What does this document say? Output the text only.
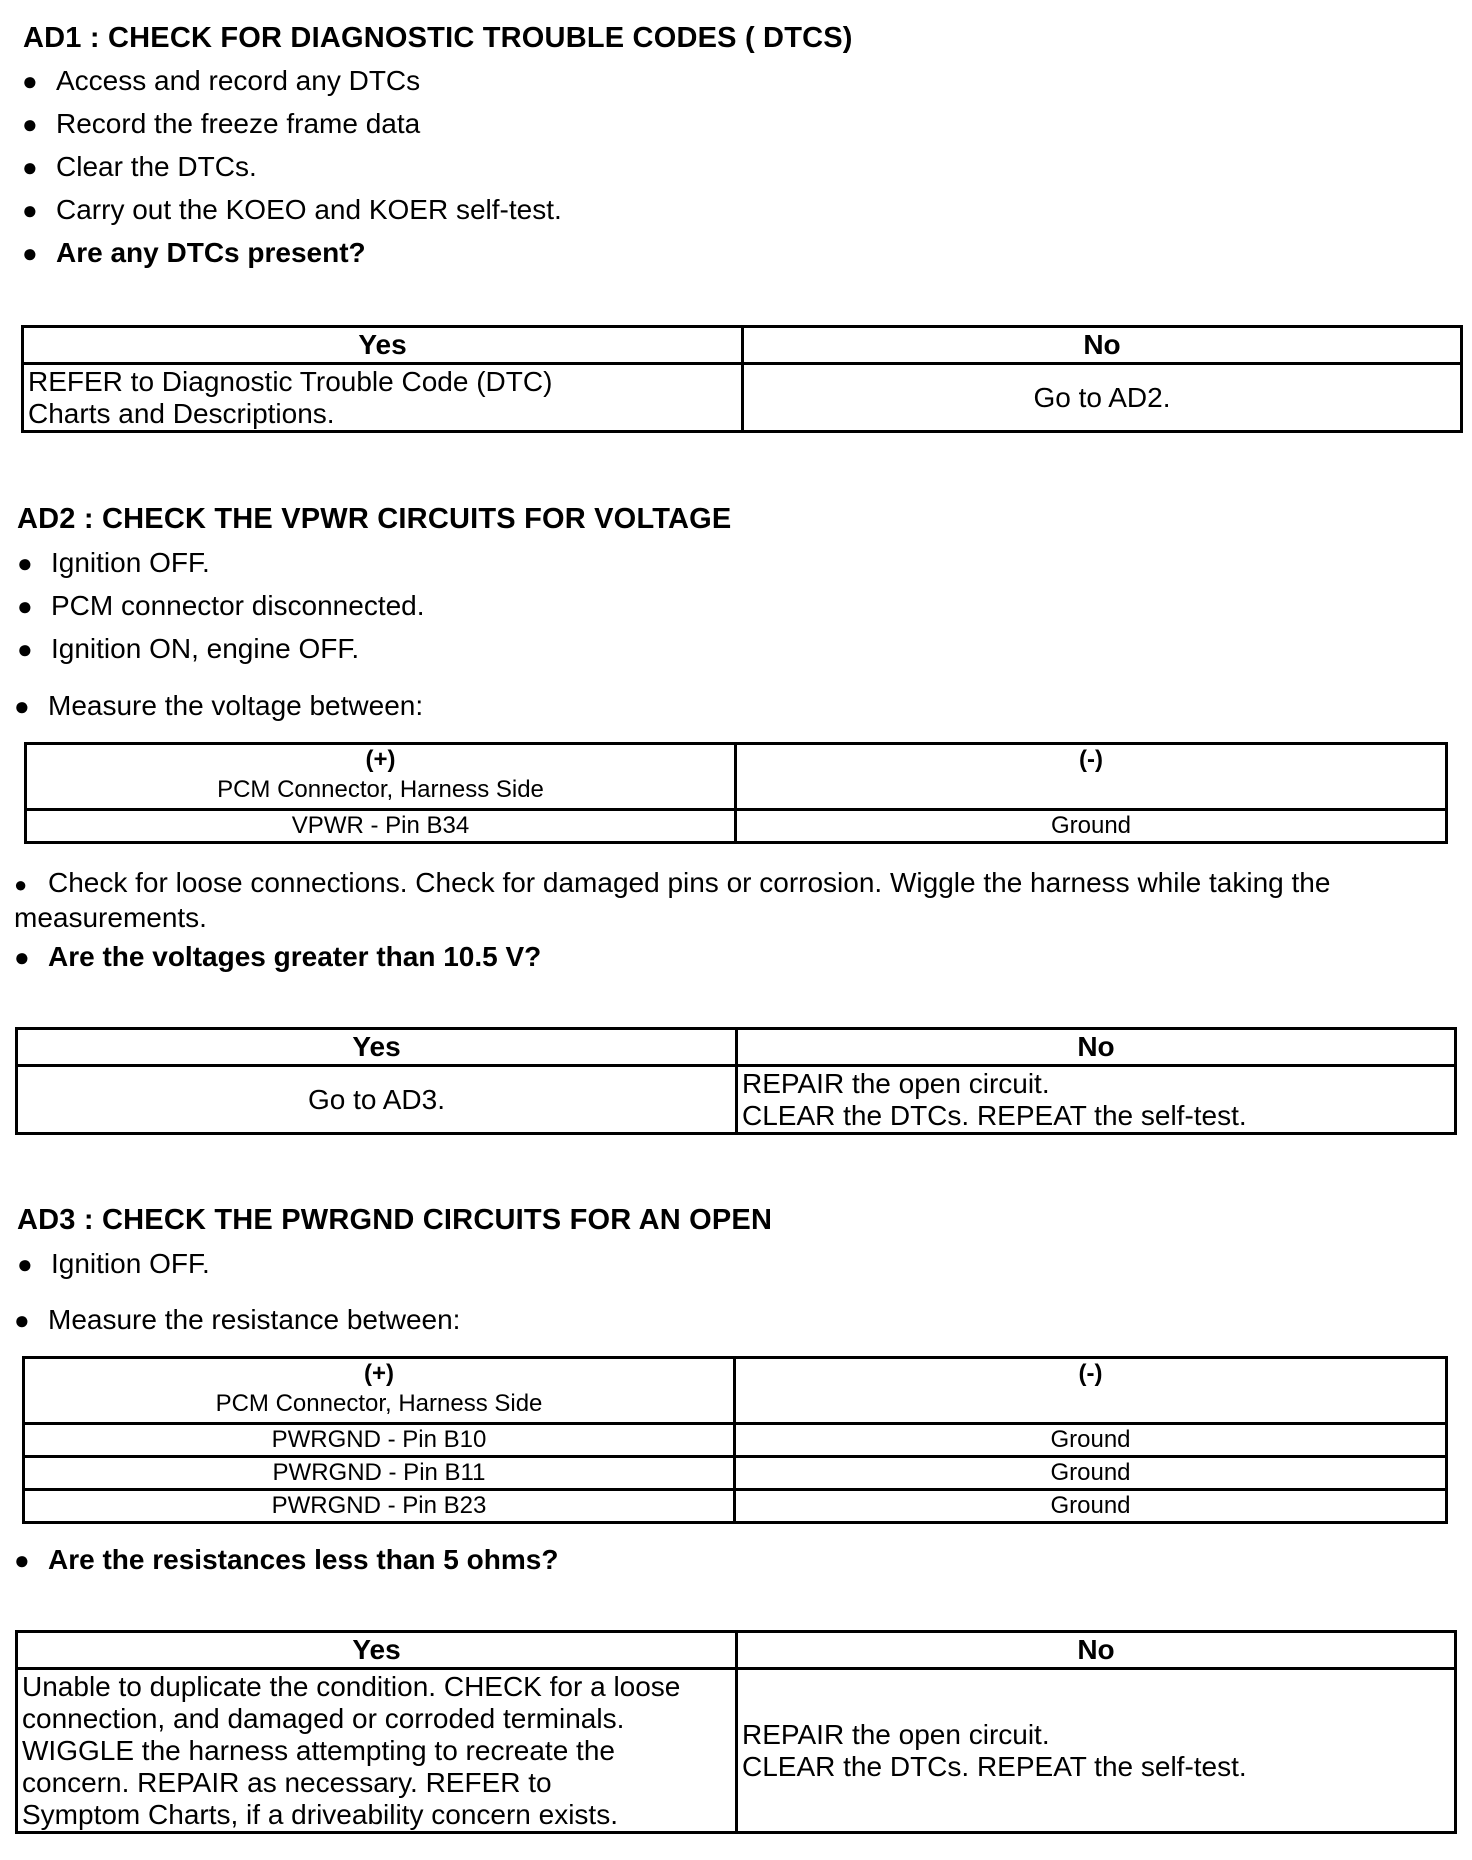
AD1 : CHECK FOR DIAGNOSTIC TROUBLE CODES ( DTCS)
● Access and record any DTCs
● Record the freeze frame data
● Clear the DTCs.
● Carry out the KOEO and KOER self-test.
● Are any DTCs present?
Yes	No

REFER to Diagnostic Trouble Code (DTC)
Charts and Descriptions.	Go to AD2.
AD2 : CHECK THE VPWR CIRCUITS FOR VOLTAGE
● Ignition OFF.
● PCM connector disconnected.
● Ignition ON, engine OFF.
● Measure the voltage between:
(+)
PCM Connector, Harness Side	(-)

VPWR - Pin B34	Ground
● Check for loose connections. Check for damaged pins or corrosion. Wiggle the harness while taking the measurements.
● Are the voltages greater than 10.5 V?
Yes	No

Go to AD3.	REPAIR the open circuit.
CLEAR the DTCs. REPEAT the self-test.
AD3 : CHECK THE PWRGND CIRCUITS FOR AN OPEN
● Ignition OFF.
● Measure the resistance between:
(+)
PCM Connector, Harness Side	(-)

PWRGND - Pin B10	Ground
PWRGND - Pin B11	Ground
PWRGND - Pin B23	Ground
● Are the resistances less than 5 ohms?
Yes	No

Unable to duplicate the condition. CHECK for a loose
connection, and damaged or corroded terminals.
WIGGLE the harness attempting to recreate the
concern. REPAIR as necessary. REFER to
Symptom Charts, if a driveability concern exists.	REPAIR the open circuit.
CLEAR the DTCs. REPEAT the self-test.
